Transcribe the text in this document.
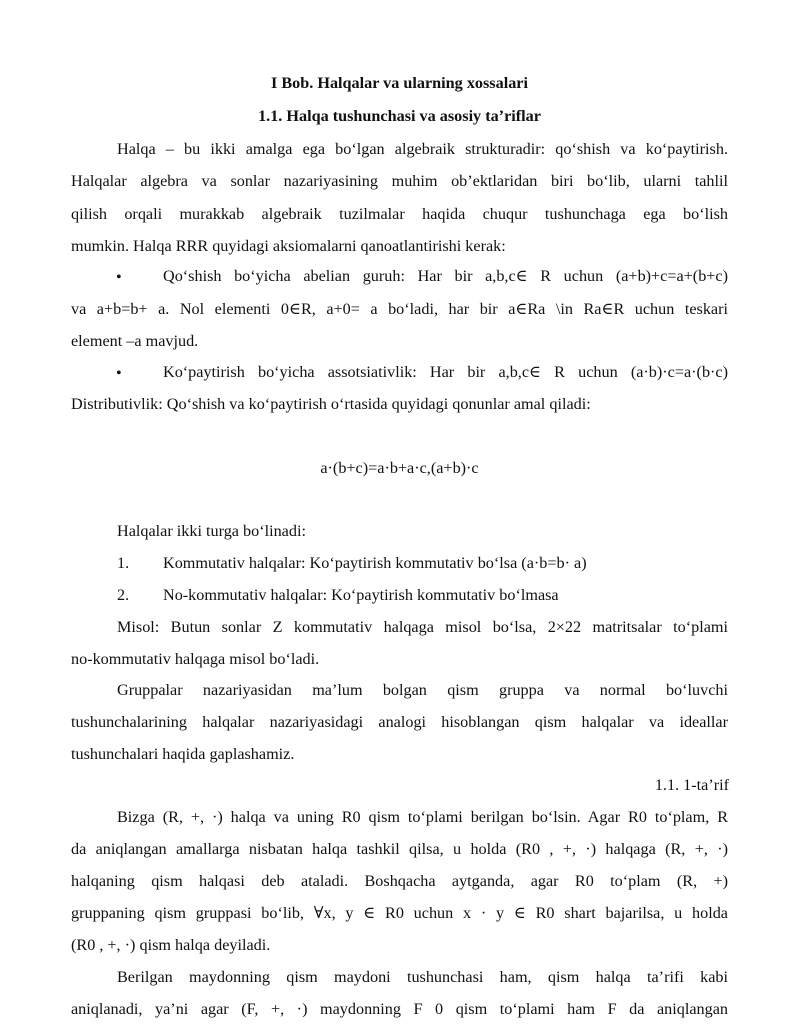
I Bob. Halqalar va ularning xossalari
1.1. Halqa tushunchasi va asosiy ta’riflar
Halqa – bu ikki amalga ega bo‘lgan algebraik strukturadir: qo‘shish va ko‘paytirish.
Halqalar algebra va sonlar nazariyasining muhim ob’ektlaridan biri bo‘lib, ularni tahlil
qilish orqali murakkab algebraik tuzilmalar haqida chuqur tushunchaga ega bo‘lish
mumkin. Halqa RRR quyidagi aksiomalarni qanoatlantirishi kerak:
•	Qo‘shish bo‘yicha abelian guruh: Har bir a,b,c∈ R uchun (a+b)+c=a+(b+c)
va a+b=b+ a. Nol elementi 0∈R, a+0= a bo‘ladi, har bir a∈Ra \in Ra∈R uchun teskari
element –a mavjud.
•	Ko‘paytirish bo‘yicha assotsiativlik: Har bir a,b,c∈ R uchun (a·b)·c=a·(b·c)
Distributivlik: Qo‘shish va ko‘paytirish o‘rtasida quyidagi qonunlar amal qiladi:
a·(b+c)=a·b+a·c,(a+b)·c
Halqalar ikki turga bo‘linadi:
1. Kommutativ halqalar: Ko‘paytirish kommutativ bo‘lsa (a·b=b· a)
2. No-kommutativ halqalar: Ko‘paytirish kommutativ bo‘lmasa
Misol: Butun sonlar Z kommutativ halqaga misol bo‘lsa, 2×22 matritsalar to‘plami
no-kommutativ halqaga misol bo‘ladi.
Gruppalar nazariyasidan ma’lum bolgan qism gruppa va normal bo‘luvchi
tushunchalarining halqalar nazariyasidagi analogi hisoblangan qism halqalar va ideallar
tushunchalari haqida gaplashamiz.
1.1. 1-ta’rif
Bizga (R, +, ·) halqa va uning R0 qism to‘plami berilgan bo‘lsin. Agar R0 to‘plam, R
da aniqlangan amallarga nisbatan halqa tashkil qilsa, u holda (R0 , +, ·) halqaga (R, +, ·)
halqaning qism halqasi deb ataladi. Boshqacha aytganda, agar R0 to‘plam (R, +)
gruppaning qism gruppasi bo‘lib, ∀x, y ∈ R0 uchun x · y ∈ R0 shart bajarilsa, u holda
(R0 , +, ·) qism halqa deyiladi.
Berilgan maydonning qism maydoni tushunchasi ham, qism halqa ta’rifi kabi
aniqlanadi, ya’ni agar (F, +, ·) maydonning F 0 qism to‘plami ham F da aniqlangan
